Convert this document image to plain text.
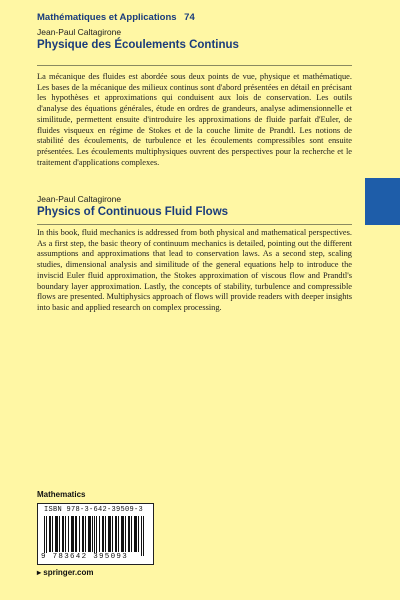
Mathématiques et Applications 74
Jean-Paul Caltagirone
Physique des Écoulements Continus

La mécanique des fluides est abordée sous deux points de vue, physique et mathématique. Les bases de la mécanique des milieux continus sont d'abord présentées en détail en précisant les hypothèses et approximations qui conduisent aux lois de conservation. Les outils d'analyse des équations générales, étude en ordres de grandeurs, analyse adimensionnelle et similitude, permettent ensuite d'introduire les approximations de fluide parfait d'Euler, de fluides visqueux en régime de Stokes et de la couche limite de Prandtl. Les notions de stabilité des écoulements, de turbulence et les écoulements compressibles sont ensuite présentées. Les écoulements multiphysiques ouvrent des perspectives pour la recherche et le traitement d'applications complexes.

Jean-Paul Caltagirone
Physics of Continuous Fluid Flows

In this book, fluid mechanics is addressed from both physical and mathematical perspectives. As a first step, the basic theory of continuum mechanics is detailed, pointing out the different assumptions and approximations that lead to conservation laws. As a second step, scaling studies, dimensional analysis and similitude of the general equations help to introduce the inviscid Euler fluid approximation, the Stokes approximation of viscous flow and Prandtl's boundary layer approximation. Lastly, the concepts of stability, turbulence and compressible flows are presented. Multiphysics approach of flows will provide readers with deeper insights into basic and applied research on complex processing.

Mathematics
ISBN 978-3-642-39509-3
9 783642 395093
▸ springer.com
